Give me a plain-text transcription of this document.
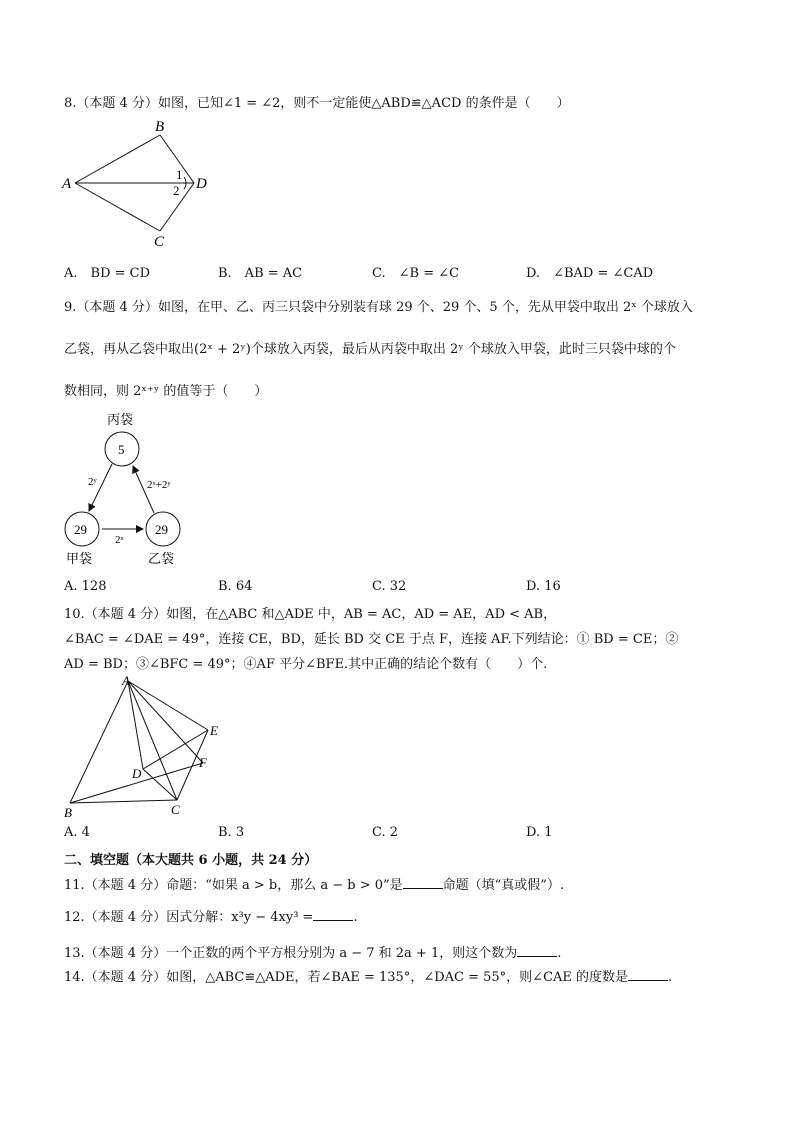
8.（本题 4 分）如图，已知∠1 = ∠2，则不一定能使△ABD≌△ACD 的条件是（　　）
A
B
C
D
1
2
A.　BD = CD	B.　AB = AC	C.　∠B = ∠C	D.　∠BAD = ∠CAD
9.（本题 4 分）如图，在甲、乙、丙三只袋中分别装有球 29 个、29 个、5 个，先从甲袋中取出 2ˣ 个球放入
乙袋，再从乙袋中取出(2ˣ + 2ʸ)个球放入丙袋，最后从丙袋中取出 2ʸ 个球放入甲袋，此时三只袋中球的个
数相同，则 2ˣ⁺ʸ 的值等于（　　）
丙袋
5
29
甲袋
29
乙袋
2ʸ	2ˣ+2ʸ
2ˣ
A. 128	B. 64	C. 32	D. 16
10.（本题 4 分）如图，在△ABC 和△ADE 中，AB = AC，AD = AE，AD < AB，
∠BAC = ∠DAE = 49°，连接 CE，BD，延长 BD 交 CE 于点 F，连接 AF.下列结论：① BD = CE；②
AD = BD；③∠BFC = 49°；④AF 平分∠BFE.其中正确的结论个数有（　　）个.
A
B	C
D
E
F
A. 4	B. 3	C. 2	D. 1
二、填空题（本大题共 6 小题，共 24 分）
11.（本题 4 分）命题：“如果 a > b，那么 a − b > 0”是	命题（填“真或假”）.
12.（本题 4 分）因式分解：x³y − 4xy³ =	.
13.（本题 4 分）一个正数的两个平方根分别为 a − 7 和 2a + 1，则这个数为	.
14.（本题 4 分）如图，△ABC≌△ADE，若∠BAE = 135°，∠DAC = 55°，则∠CAE 的度数是	.
